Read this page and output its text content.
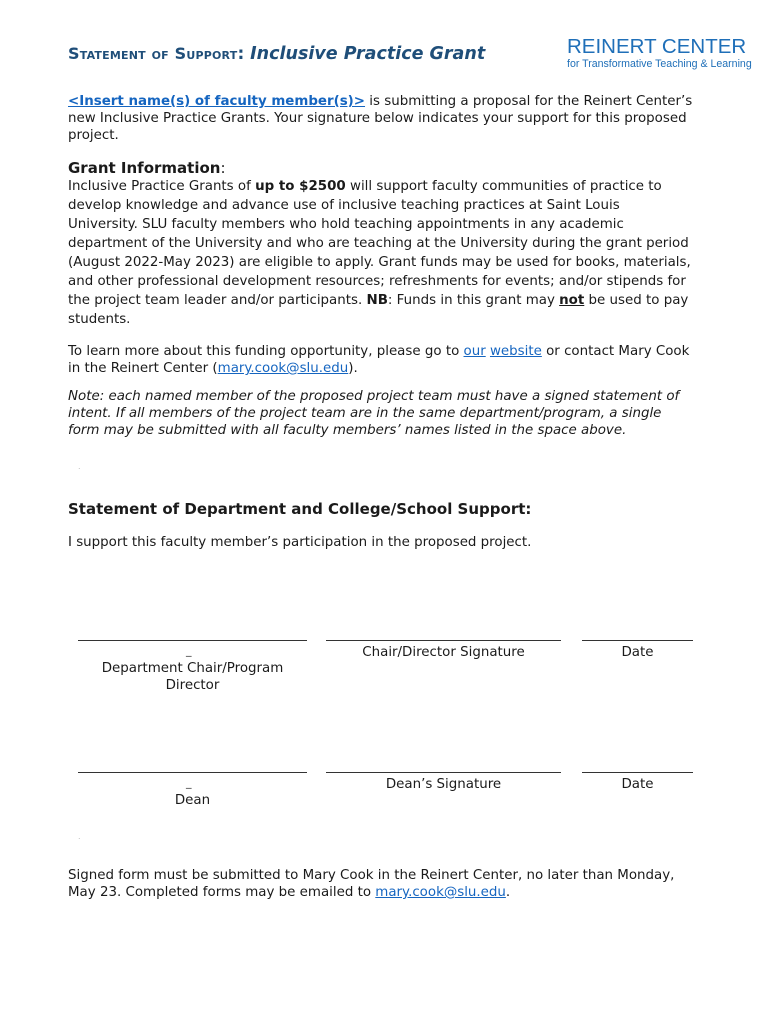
Statement of Support: Inclusive Practice Grant	REINERT CENTER
for Transformative Teaching & Learning

<Insert name(s) of faculty member(s)> is submitting a proposal for the Reinert Center’s new Inclusive Practice Grants. Your signature below indicates your support for this proposed project.

Grant Information:

Inclusive Practice Grants of up to $2500 will support faculty communities of practice to develop knowledge and advance use of inclusive teaching practices at Saint Louis University. SLU faculty members who hold teaching appointments in any academic department of the University and who are teaching at the University during the grant period (August 2022-May 2023) are eligible to apply. Grant funds may be used for books, materials, and other professional development resources; refreshments for events; and/or stipends for the project team leader and/or participants. NB: Funds in this grant may not be used to pay students.

To learn more about this funding opportunity, please go to our website or contact Mary Cook in the Reinert Center (mary.cook@slu.edu).

Note: each named member of the proposed project team must have a signed statement of intent. If all members of the project team are in the same department/program, a single form may be submitted with all faculty members’ names listed in the space above.

.

Statement of Department and College/School Support:

I support this faculty member’s participation in the proposed project.

_
Department Chair/Program Director
Chair/Director Signature	Date
_
Dean
Dean’s Signature	Date
.

Signed form must be submitted to Mary Cook in the Reinert Center, no later than Monday, May 23. Completed forms may be emailed to mary.cook@slu.edu.
